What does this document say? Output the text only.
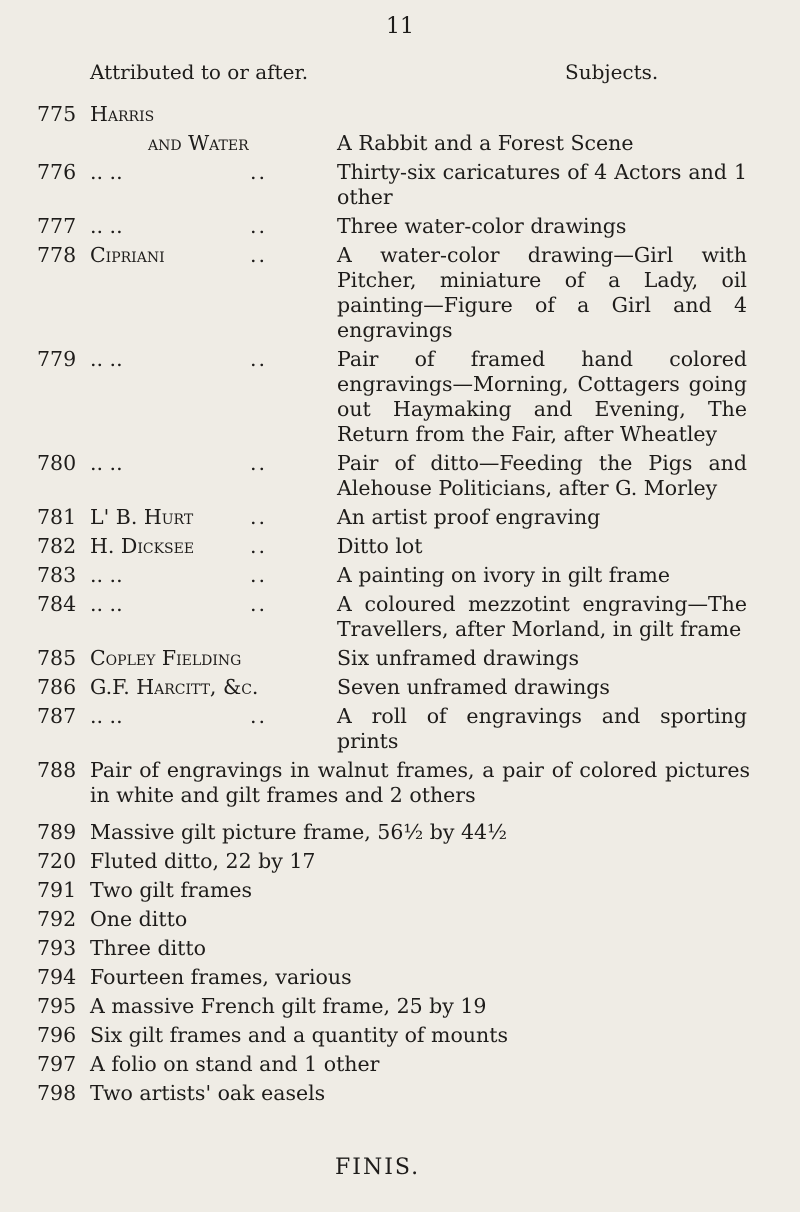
11
Attributed to or after.	Subjects.
775 Harris
and Water	A Rabbit and a Forest Scene
776 .. ..	..	Thirty-six caricatures of 4 Actors and 1 other
777 .. ..	..	Three water-color drawings
778 Cipriani	..	A water-color drawing—Girl with Pitcher, miniature of a Lady, oil painting—Figure of a Girl and 4 engravings
779 .. ..	..	Pair of framed hand colored engravings—Morning, Cottagers going out Haymaking and Evening, The Return from the Fair, after Wheatley
780 .. ..	..	Pair of ditto—Feeding the Pigs and Alehouse Politicians, after G. Morley
781 L' B. Hurt	..	An artist proof engraving
782 H. Dicksee	..	Ditto lot
783 .. ..	..	A painting on ivory in gilt frame
784 .. ..	..	A coloured mezzotint engraving—The Travellers, after Morland, in gilt frame
785 Copley Fielding	Six unframed drawings
786 G.F. Harcitt, &c.	Seven unframed drawings
787 .. ..	..	A roll of engravings and sporting prints
788 Pair of engravings in walnut frames, a pair of colored pictures in white and gilt frames and 2 others
789 Massive gilt picture frame, 56½ by 44½
720 Fluted ditto, 22 by 17
791 Two gilt frames
792 One ditto
793 Three ditto
794 Fourteen frames, various
795 A massive French gilt frame, 25 by 19
796 Six gilt frames and a quantity of mounts
797 A folio on stand and 1 other
798 Two artists' oak easels
FINIS.
